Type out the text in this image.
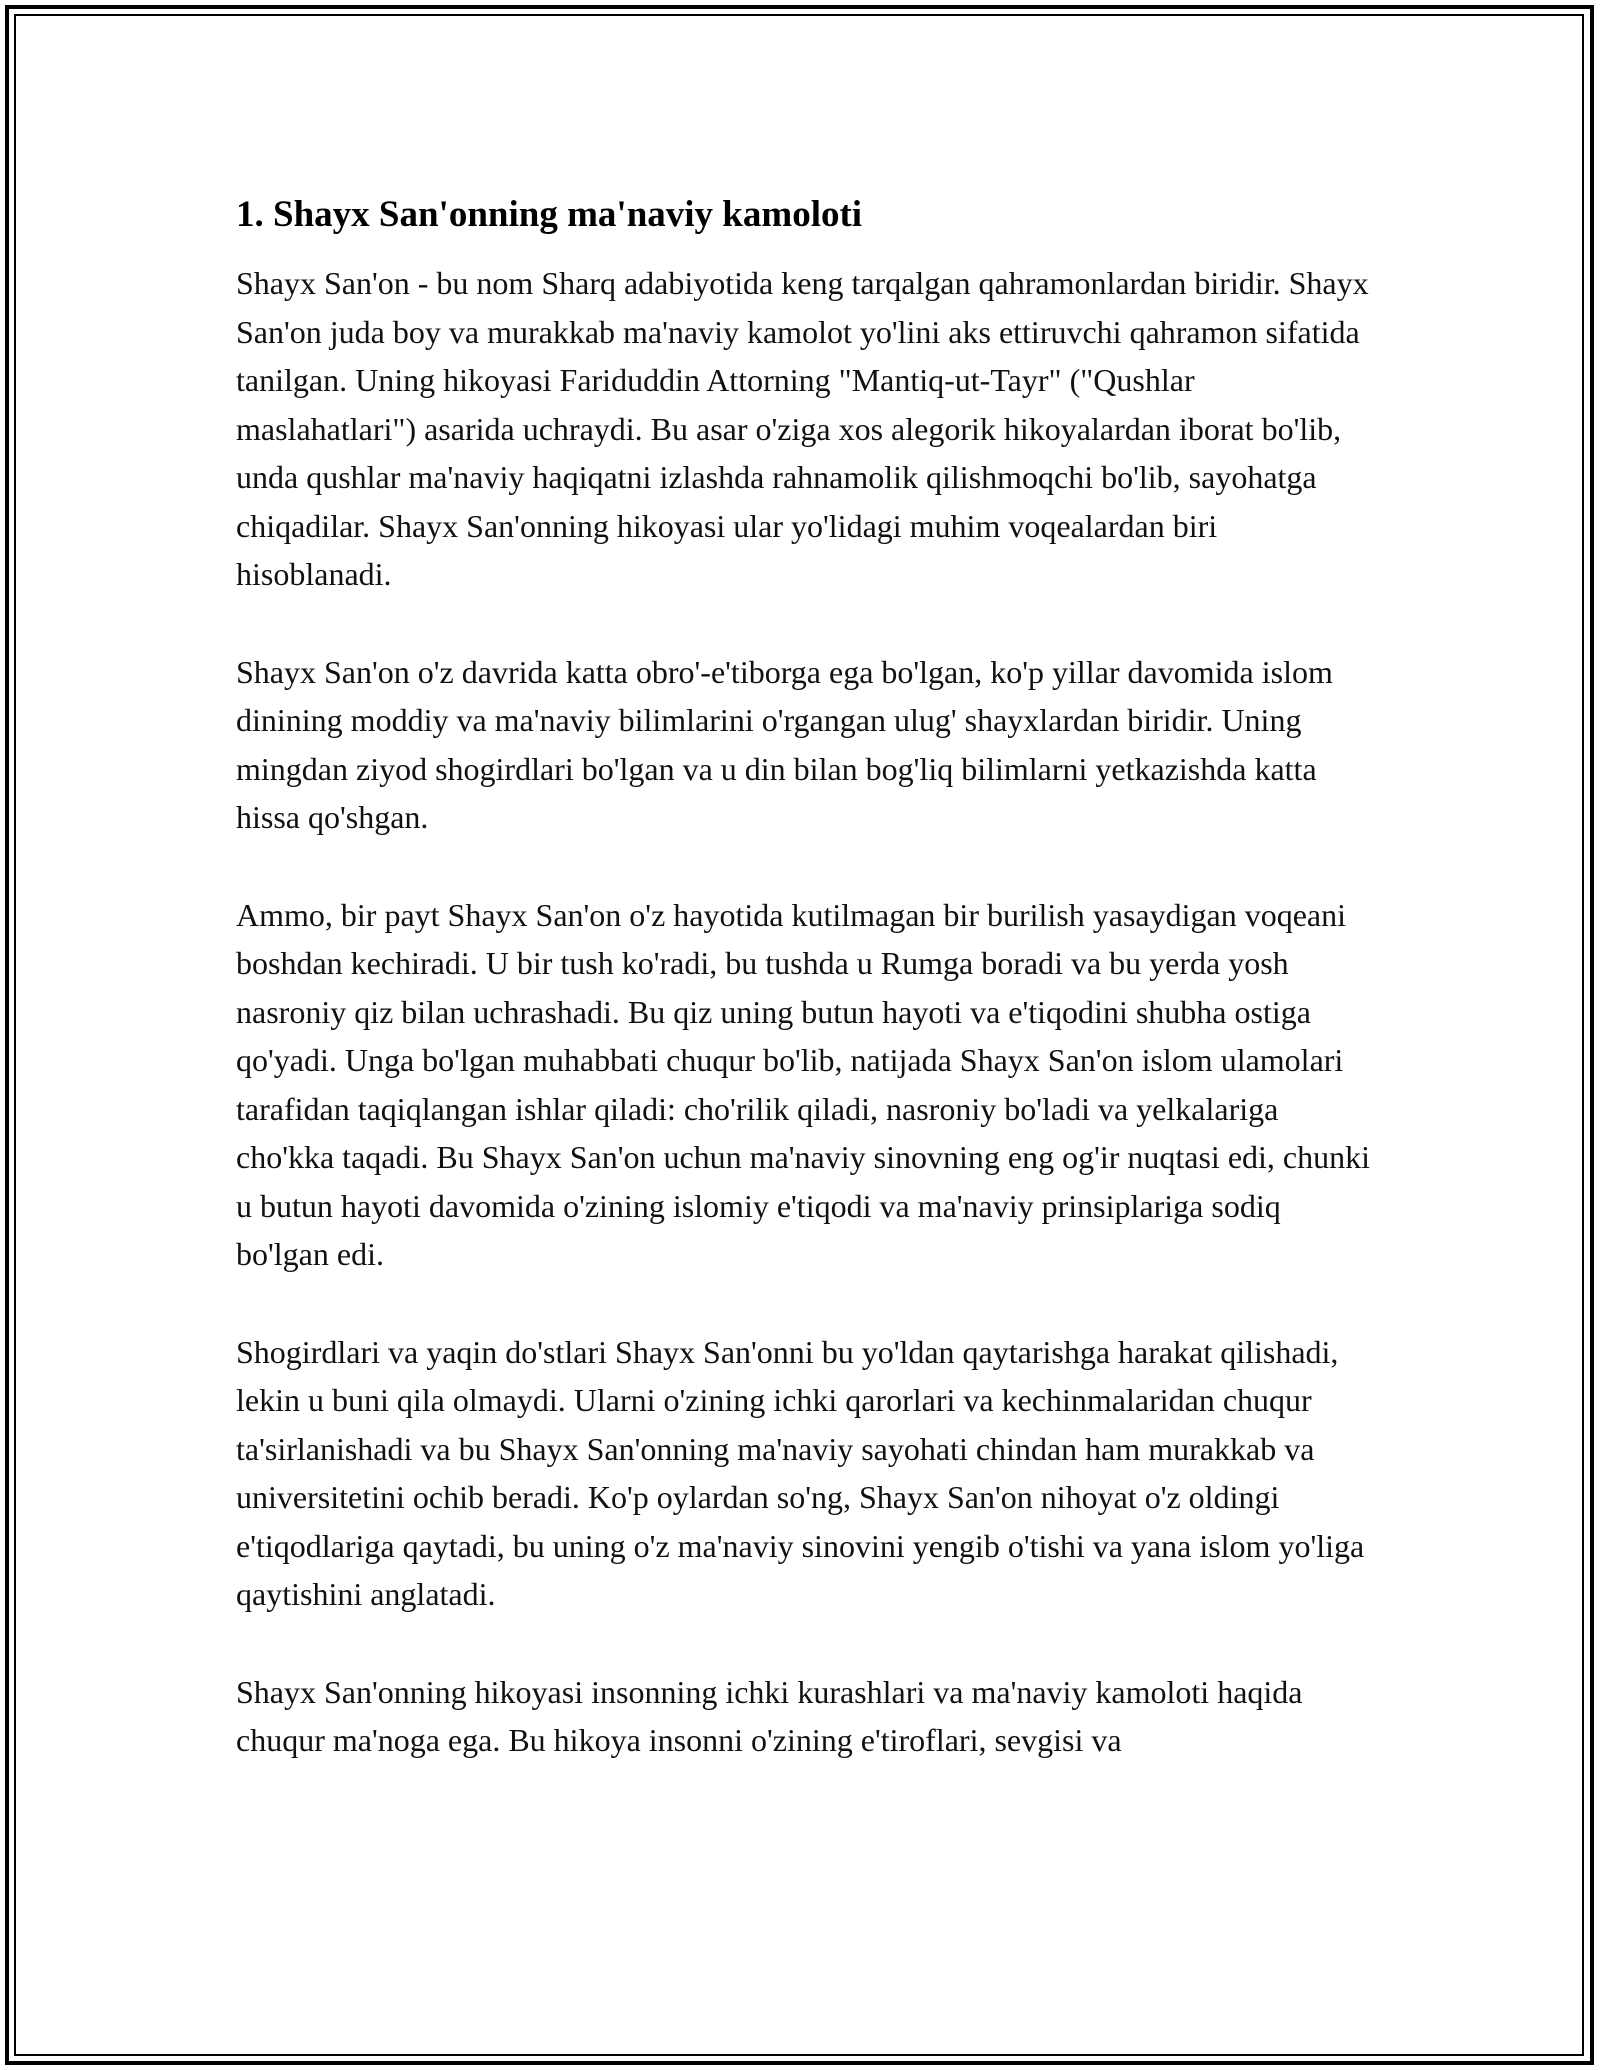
1. Shayx San'onning ma'naviy kamoloti

Shayx San'on - bu nom Sharq adabiyotida keng tarqalgan qahramonlardan biridir. Shayx San'on juda boy va murakkab ma'naviy kamolot yo'lini aks ettiruvchi qahramon sifatida tanilgan. Uning hikoyasi Fariduddin Attorning "Mantiq-ut-Tayr" ("Qushlar maslahatlari") asarida uchraydi. Bu asar o'ziga xos alegorik hikoyalardan iborat bo'lib, unda qushlar ma'naviy haqiqatni izlashda rahnamolik qilishmoqchi bo'lib, sayohatga chiqadilar. Shayx San'onning hikoyasi ular yo'lidagi muhim voqealardan biri hisoblanadi.

Shayx San'on o'z davrida katta obro'-e'tiborga ega bo'lgan, ko'p yillar davomida islom dinining moddiy va ma'naviy bilimlarini o'rgangan ulug' shayxlardan biridir. Uning mingdan ziyod shogirdlari bo'lgan va u din bilan bog'liq bilimlarni yetkazishda katta hissa qo'shgan.

Ammo, bir payt Shayx San'on o'z hayotida kutilmagan bir burilish yasaydigan voqeani boshdan kechiradi. U bir tush ko'radi, bu tushda u Rumga boradi va bu yerda yosh nasroniy qiz bilan uchrashadi. Bu qiz uning butun hayoti va e'tiqodini shubha ostiga qo'yadi. Unga bo'lgan muhabbati chuqur bo'lib, natijada Shayx San'on islom ulamolari tarafidan taqiqlangan ishlar qiladi: cho'rilik qiladi, nasroniy bo'ladi va yelkalariga cho'kka taqadi. Bu Shayx San'on uchun ma'naviy sinovning eng og'ir nuqtasi edi, chunki u butun hayoti davomida o'zining islomiy e'tiqodi va ma'naviy prinsiplariga sodiq bo'lgan edi.

Shogirdlari va yaqin do'stlari Shayx San'onni bu yo'ldan qaytarishga harakat qilishadi, lekin u buni qila olmaydi. Ularni o'zining ichki qarorlari va kechinmalaridan chuqur ta'sirlanishadi va bu Shayx San'onning ma'naviy sayohati chindan ham murakkab va universitetini ochib beradi. Ko'p oylardan so'ng, Shayx San'on nihoyat o'z oldingi e'tiqodlariga qaytadi, bu uning o'z ma'naviy sinovini yengib o'tishi va yana islom yo'liga qaytishini anglatadi.

Shayx San'onning hikoyasi insonning ichki kurashlari va ma'naviy kamoloti haqida chuqur ma'noga ega. Bu hikoya insonni o'zining e'tiroflari, sevgisi va
